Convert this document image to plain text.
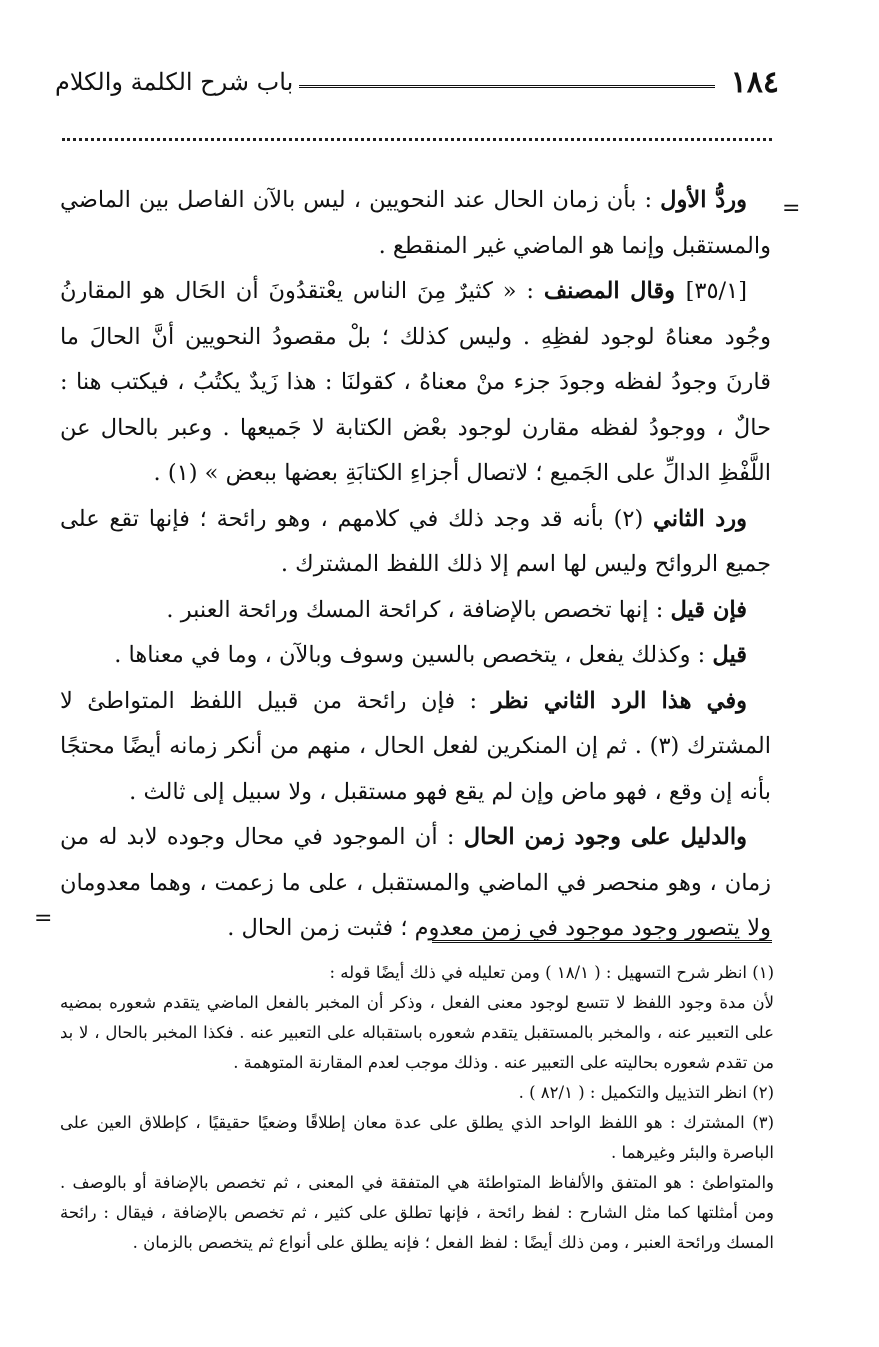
١٨٤
باب شرح الكلمة والكلام
=
=

وردُّ الأول : بأن زمان الحال عند النحويين ، ليس بالآن الفاصل بين الماضي والمستقبل وإنما هو الماضي غير المنقطع .

[٣٥/١] وقال المصنف : « كثيرٌ مِنَ الناس يعْتقدُونَ أن الحَال هو المقارنُ وجُود معناهُ لوجود لفظِهِ . وليس كذلك ؛ بلْ مقصودُ النحويين أنَّ الحالَ ما قارنَ وجودُ لفظه وجودَ جزء منْ معناهُ ، كقولنَا : هذا زَيدٌ يكتُبُ ، فيكتب هنا : حالٌ ، ووجودُ لفظه مقارن لوجود بعْض الكتابة لا جَميعها . وعبر بالحال عن اللَّفْظِ الدالِّ على الجَميع ؛ لاتصال أجزاءِ الكتابَةِ بعضها ببعض » (١) .

ورد الثاني (٢) بأنه قد وجد ذلك في كلامهم ، وهو رائحة ؛ فإنها تقع على جميع الروائح وليس لها اسم إلا ذلك اللفظ المشترك .

فإن قيل : إنها تخصص بالإضافة ، كرائحة المسك ورائحة العنبر .

قيل : وكذلك يفعل ، يتخصص بالسين وسوف وبالآن ، وما في معناها .

وفي هذا الرد الثاني نظر : فإن رائحة من قبيل اللفظ المتواطئ لا المشترك (٣) . ثم إن المنكرين لفعل الحال ، منهم من أنكر زمانه أيضًا محتجًا بأنه إن وقع ، فهو ماض وإن لم يقع فهو مستقبل ، ولا سبيل إلى ثالث .

والدليل على وجود زمن الحال : أن الموجود في محال وجوده لابد له من زمان ، وهو منحصر في الماضي والمستقبل ، على ما زعمت ، وهما معدومان ولا يتصور وجود موجود في زمن معدوم ؛ فثبت زمن الحال .

(١) انظر شرح التسهيل : ( ١٨/١ ) ومن تعليله في ذلك أيضًا قوله :

لأن مدة وجود اللفظ لا تتسع لوجود معنى الفعل ، وذكر أن المخبر بالفعل الماضي يتقدم شعوره بمضيه على التعبير عنه ، والمخبر بالمستقبل يتقدم شعوره باستقباله على التعبير عنه . فكذا المخبر بالحال ، لا بد من تقدم شعوره بحاليته على التعبير عنه . وذلك موجب لعدم المقارنة المتوهمة .

(٢) انظر التذييل والتكميل : ( ٨٢/١ ) .

(٣) المشترك : هو اللفظ الواحد الذي يطلق على عدة معان إطلاقًا وضعيًا حقيقيًا ، كإطلاق العين على الباصرة والبئر وغيرهما .

والمتواطئ : هو المتفق والألفاظ المتواطئة هي المتفقة في المعنى ، ثم تخصص بالإضافة أو بالوصف . ومن أمثلتها كما مثل الشارح : لفظ رائحة ، فإنها تطلق على كثير ، ثم تخصص بالإضافة ، فيقال : رائحة المسك ورائحة العنبر ، ومن ذلك أيضًا : لفظ الفعل ؛ فإنه يطلق على أنواع ثم يتخصص بالزمان .
